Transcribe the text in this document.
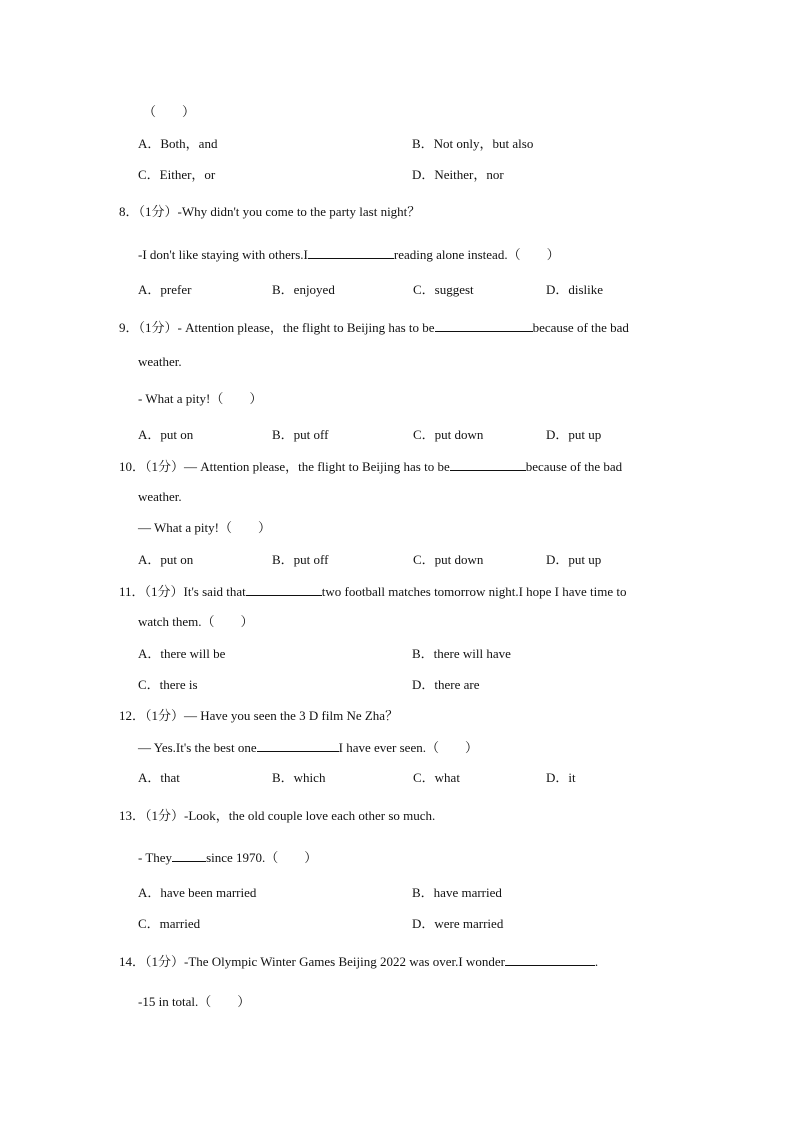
（　　）
A．Both，and	B．Not only，but also
C．Either，or	D．Neither，nor
8．（1分）-Why didn't you come to the party last night？
-I don't like staying with others.I	reading alone instead.（　　）
A．prefer	B．enjoyed	C．suggest	D．dislike
9．（1分）- Attention please，the flight to Beijing has to be	because of the bad
weather.
- What a pity!（　　）
A．put on	B．put off	C．put down	D．put up
10．（1分）— Attention please，the flight to Beijing has to be	because of the bad
weather.
— What a pity!（　　）
A．put on	B．put off	C．put down	D．put up
11．（1分）It's said that	two football matches tomorrow night.I hope I have time to
watch them.（　　）
A．there will be	B．there will have
C．there is	D．there are
12．（1分）— Have you seen the 3 D film Ne Zha？
— Yes.It's the best one	I have ever seen.（　　）
A．that	B．which	C．what	D．it
13．（1分）-Look，the old couple love each other so much.
- They	since 1970.（　　）
A．have been married	B．have married
C．married	D．were married
14．（1分）-The Olympic Winter Games Beijing 2022 was over.I wonder	.
-15 in total.（　　）
